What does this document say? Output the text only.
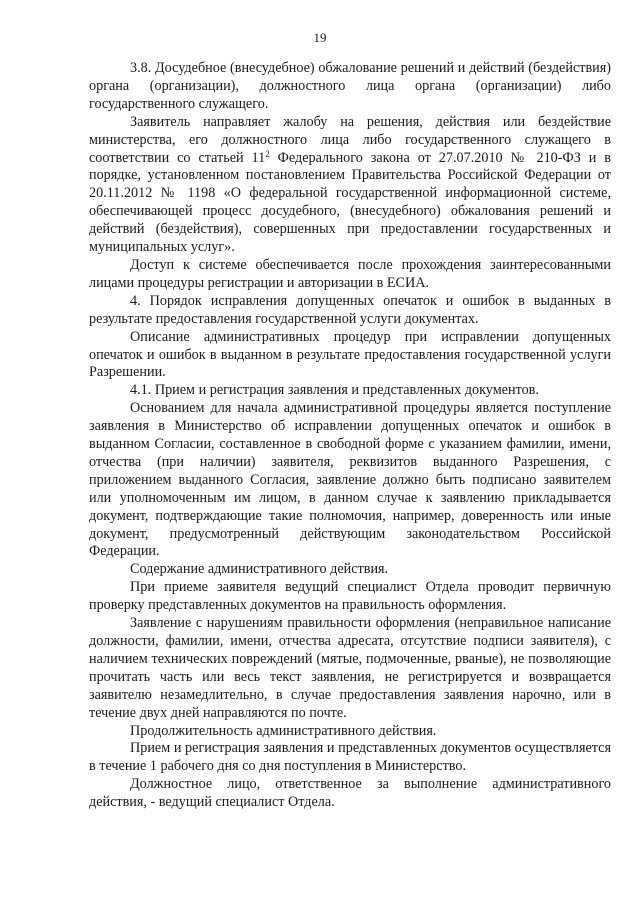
19

3.8. Досудебное (внесудебное) обжалование решений и действий (бездействия) органа (организации), должностного лица органа (организации) либо государственного служащего.

Заявитель направляет жалобу на решения, действия или бездействие министерства, его должностного лица либо государственного служащего в соответствии со статьей $11^2$ Федерального закона от 27.07.2010 № 210-ФЗ и в порядке, установленном постановлением Правительства Российской Федерации от 20.11.2012 № 1198 «О федеральной государственной информационной системе, обеспечивающей процесс досудебного, (внесудебного) обжалования решений и действий (бездействия), совершенных при предоставлении государственных и муниципальных услуг».

Доступ к системе обеспечивается после прохождения заинтересованными лицами процедуры регистрации и авторизации в ЕСИА.

4. Порядок исправления допущенных опечаток и ошибок в выданных в результате предоставления государственной услуги документах.

Описание административных процедур при исправлении допущенных опечаток и ошибок в выданном в результате предоставления государственной услуги Разрешении.

4.1. Прием и регистрация заявления и представленных документов.

Основанием для начала административной процедуры является поступление заявления в Министерство об исправлении допущенных опечаток и ошибок в выданном Согласии, составленное в свободной форме с указанием фамилии, имени, отчества (при наличии) заявителя, реквизитов выданного Разрешения, с приложением выданного Согласия, заявление должно быть подписано заявителем или уполномоченным им лицом, в данном случае к заявлению прикладывается документ, подтверждающие такие полномочия, например, доверенность или иные документ, предусмотренный действующим законодательством Российской Федерации.

Содержание административного действия.

При приеме заявителя ведущий специалист Отдела проводит первичную проверку представленных документов на правильность оформления.

Заявление с нарушениям правильности оформления (неправильное написание должности, фамилии, имени, отчества адресата, отсутствие подписи заявителя), с наличием технических повреждений (мятые, подмоченные, рваные), не позволяющие прочитать часть или весь текст заявления, не регистрируется и возвращается заявителю незамедлительно, в случае предоставления заявления нарочно, или в течение двух дней направляются по почте.

Продолжительность административного действия.

Прием и регистрация заявления и представленных документов осуществляется в течение 1 рабочего дня со дня поступления в Министерство.

Должностное лицо, ответственное за выполнение административного действия, - ведущий специалист Отдела.
